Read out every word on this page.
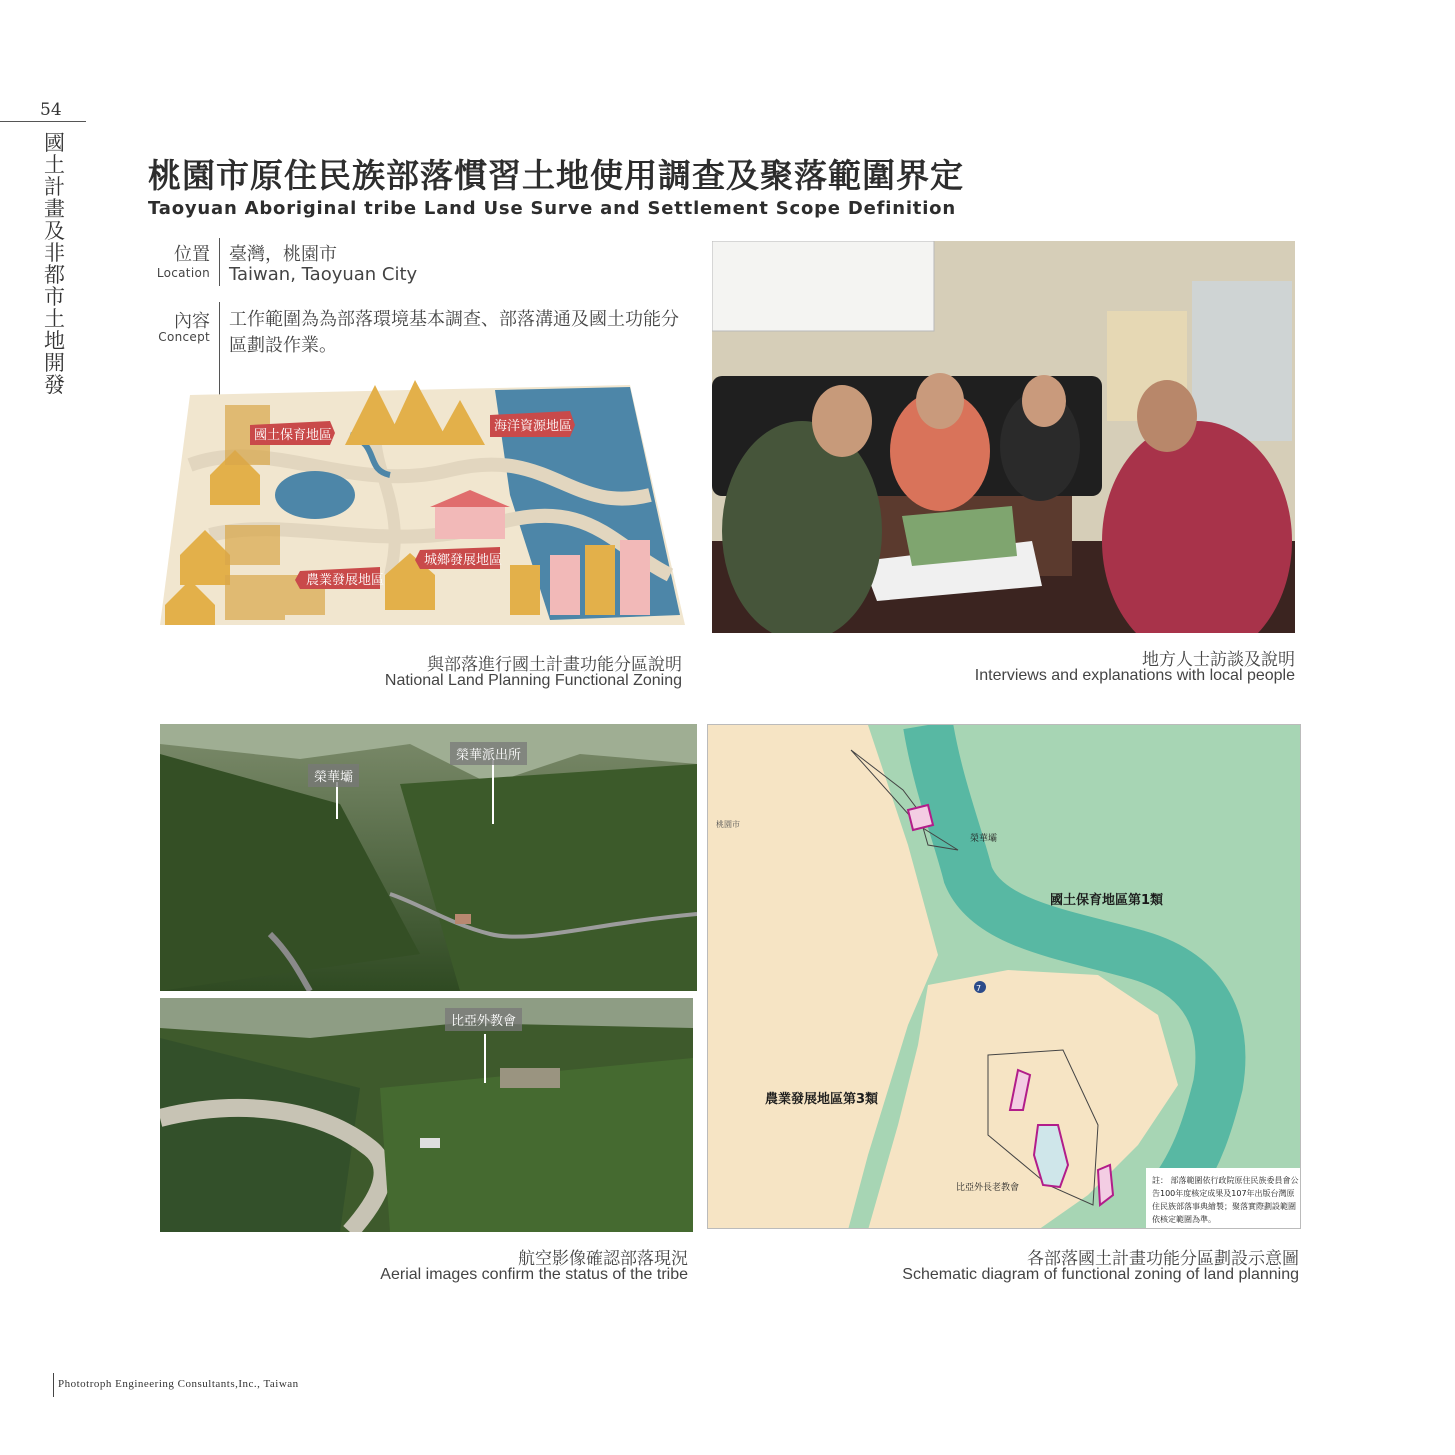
54
國土計畫及非都市土地開發
桃園市原住民族部落慣習土地使用調查及聚落範圍界定
Taoyuan Aboriginal tribe Land Use Surve and Settlement Scope Definition
位置
Location
臺灣，桃園市
Taiwan, Taoyuan City
內容
Concept
工作範圍為為部落環境基本調查、部落溝通及國土功能分區劃設作業。
國土保育地區
海洋資源地區
農業發展地區
城鄉發展地區
與部落進行國土計畫功能分區說明
National Land Planning Functional Zoning
地方人士訪談及說明
Interviews and explanations with local people
榮華壩
榮華派出所
比亞外教會
航空影像確認部落現況
Aerial images confirm the status of the tribe
7
國土保育地區第1類
農業發展地區第3類
榮華壩
比亞外長老教會
桃園市
註： 部落範圍依行政院原住民族委員會公告100年度核定成果及107年出版台灣原住民族部落事典繪製；聚落實際劃設範圍依核定範圍為準。
各部落國土計畫功能分區劃設示意圖
Schematic diagram of functional zoning of land planning
Phototroph Engineering Consultants,Inc., Taiwan
